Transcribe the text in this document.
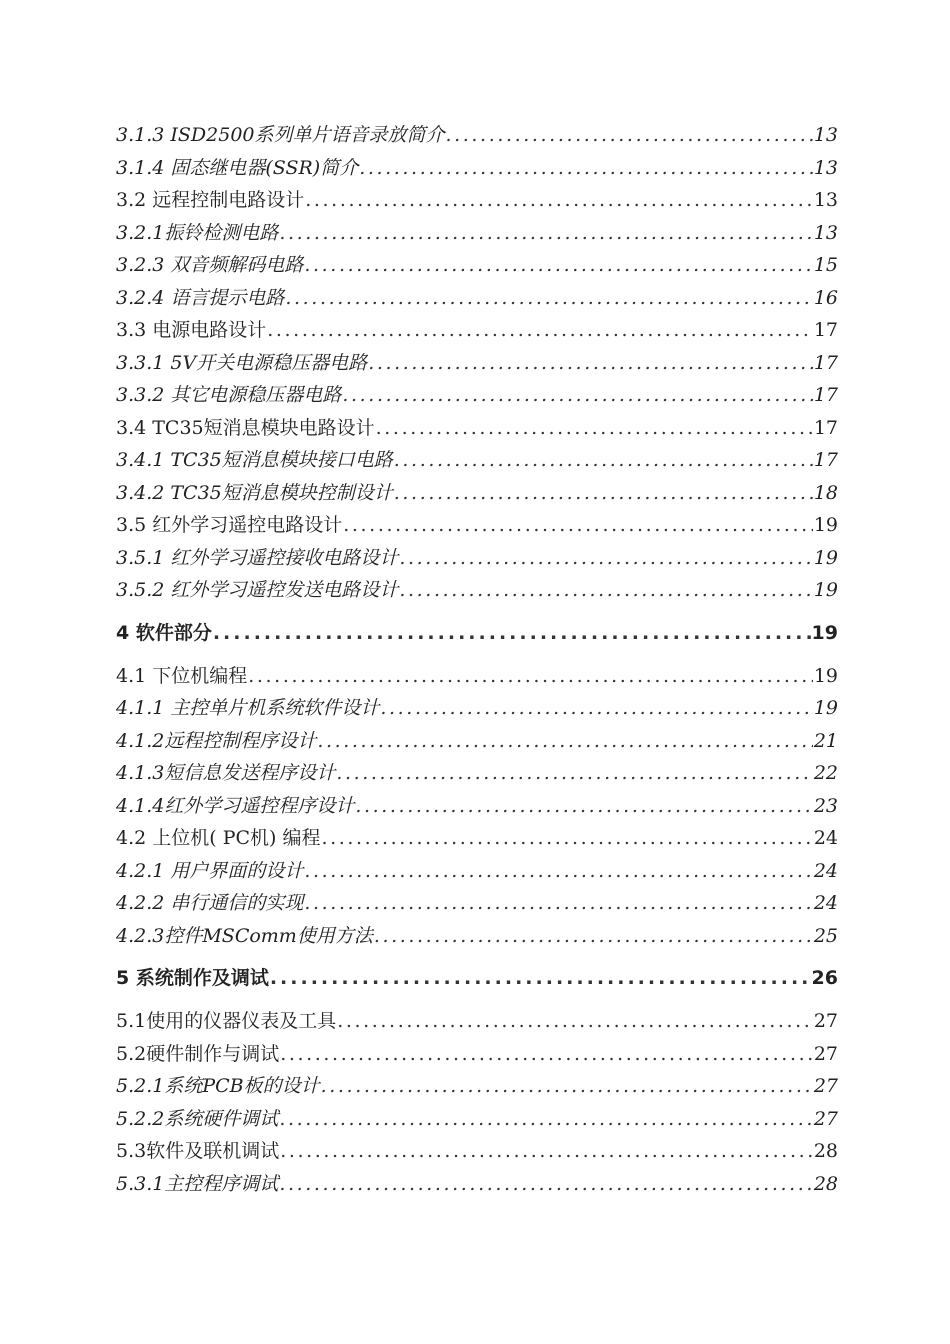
3.1.3 ISD2500系列单片语音录放简介 .....	13
3.1.4 固态继电器(SSR)简介 .....	13
3.2 远程控制电路设计 .....	13
3.2.1振铃检测电路 .....	13
3.2.3 双音频解码电路 .....	15
3.2.4 语言提示电路 .....	16
3.3 电源电路设计 .....	17
3.3.1 5V开关电源稳压器电路 .....	17
3.3.2 其它电源稳压器电路 .....	17
3.4 TC35短消息模块电路设计 .....	17
3.4.1 TC35短消息模块接口电路 .....	17
3.4.2 TC35短消息模块控制设计 .....	18
3.5 红外学习遥控电路设计 .....	19
3.5.1 红外学习遥控接收电路设计 .....	19
3.5.2 红外学习遥控发送电路设计 .....	19
4 软件部分 .....	19
4.1 下位机编程 .....	19
4.1.1 主控单片机系统软件设计 .....	19
4.1.2远程控制程序设计 .....	21
4.1.3短信息发送程序设计 .....	22
4.1.4红外学习遥控程序设计 .....	23
4.2 上位机( PC机) 编程 .....	24
4.2.1 用户界面的设计 .....	24
4.2.2 串行通信的实现 .....	24
4.2.3控件MSComm使用方法 .....	25
5 系统制作及调试 .....	26
5.1使用的仪器仪表及工具 .....	27
5.2硬件制作与调试 .....	27
5.2.1系统PCB板的设计 .....	27
5.2.2系统硬件调试 .....	27
5.3软件及联机调试 .....	28
5.3.1主控程序调试 .....	28
